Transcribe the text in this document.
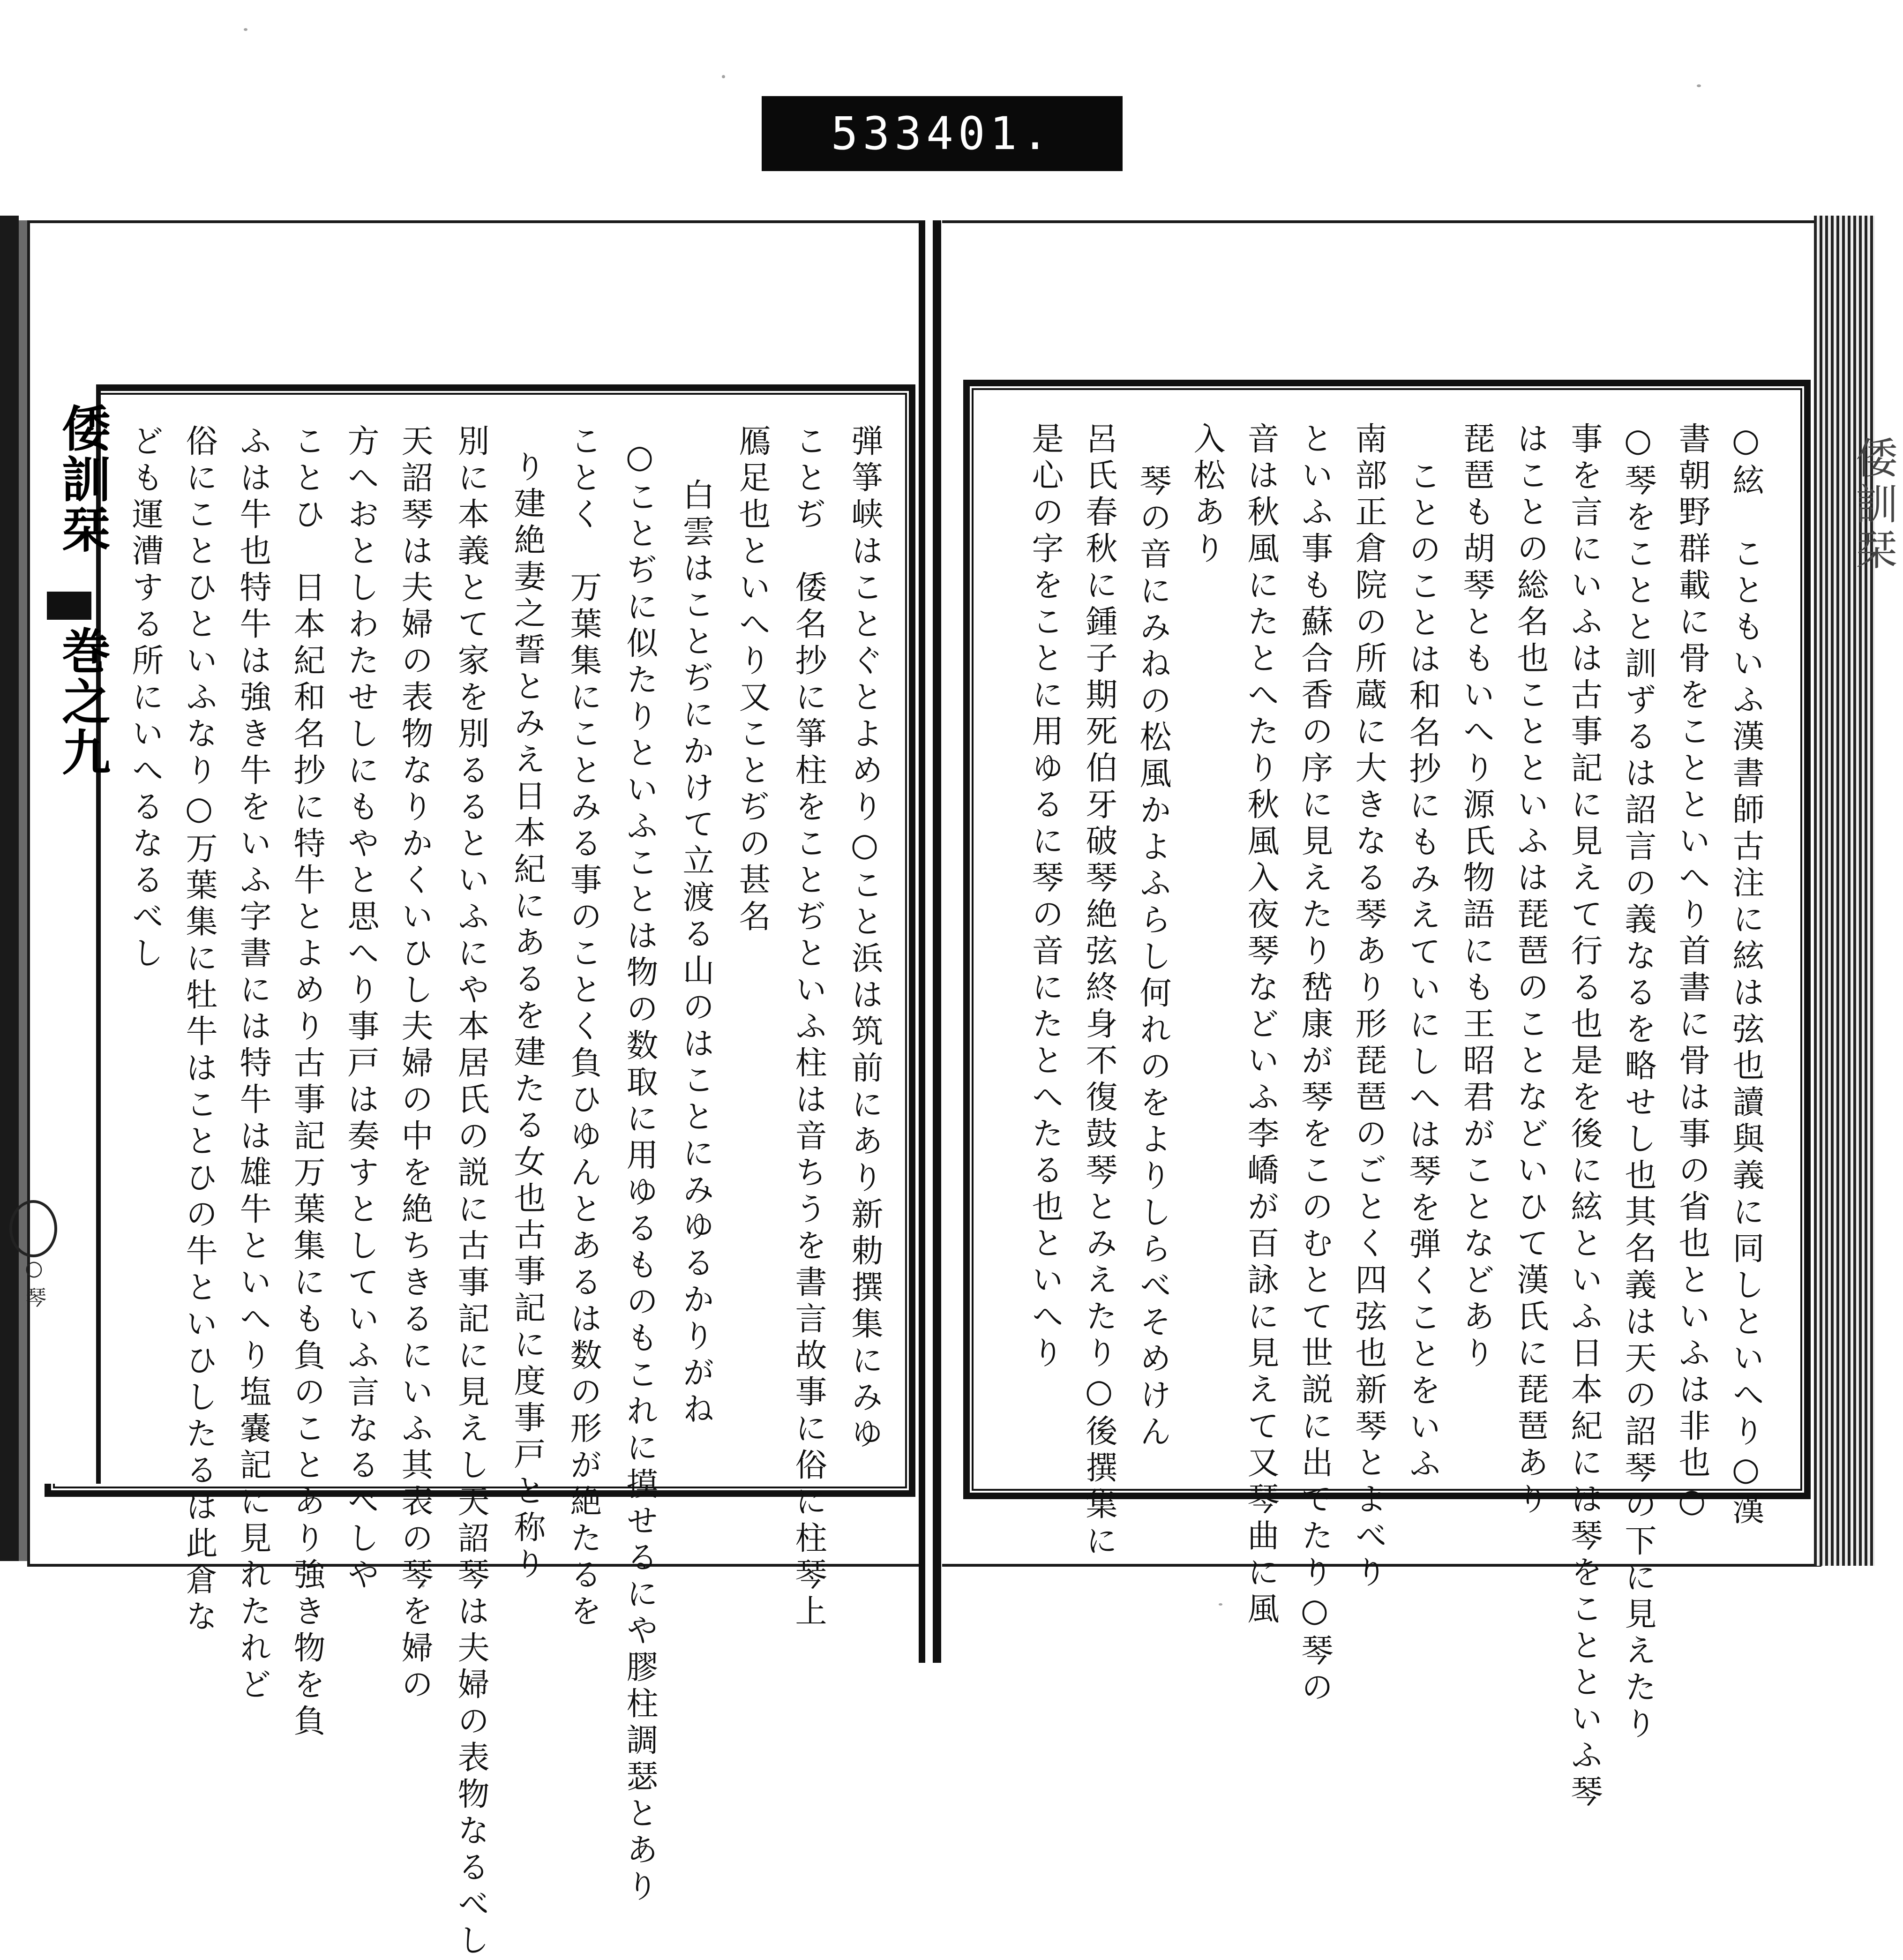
533 401.
倭訓栞
巻之九
○ 琴
倭訓栞
弾箏峡はことぐとよめり○こと浜は筑前にあり新勅撰集にみゆ
ことぢ　倭名抄に箏柱をことぢといふ柱は音ちうを書言故事に俗に柱琴上
鴈足也といへり又ことぢの甚名
白雲はことぢにかけて立渡る山のはことにみゆるかりがね
○ことぢに似たりといふことは物の数取に用ゆるものもこれに摸せるにや膠柱調瑟とあり
ことく　万葉集にことみる事のことく負ひゆんとあるは数の形が絶たるを
り建絶妻之誓とみえ日本紀にあるを建たる女也古事記に度事戸と称り
別に本義とて家を別るるといふにや本居氏の説に古事記に見えし天詔琴は夫婦の表物なるべし
天詔琴は夫婦の表物なりかくいひし夫婦の中を絶ちきるにいふ其表の琴を婦の
方へおとしわたせしにもやと思へり事戸は奏すとしていふ言なるべしや
ことひ　日本紀和名抄に特牛とよめり古事記万葉集にも負のことあり強き物を負
ふは牛也特牛は強き牛をいふ字書には特牛は雄牛といへり塩嚢記に見れたれど
俗にことひといふなり○万葉集に牡牛はことひの牛といひしたるは此倉な
ども運漕する所にいへるなるべし	○絃　こともいふ漢書師古注に絃は弦也讀與義に同しといへり○漢
書朝野群載に骨をことといへり首書に骨は事の省也といふは非也○
○琴をことと訓ずるは詔言の義なるを略せし也其名義は天の詔琴の下に見えたり
事を言にいふは古事記に見えて行る也是を後に絃といふ日本紀には琴をことといふ琴
はことの総名也ことといふは琵琶のことなどいひて漢氏に琵琶あり
琵琶も胡琴ともいへり源氏物語にも王昭君がことなどあり
ことのことは和名抄にもみえていにしへは琴を弾くことをいふ
南部正倉院の所蔵に大きなる琴あり形琵琶のごとく四弦也新琴とよべり
といふ事も蘇合香の序に見えたり嵆康が琴をこのむとて世説に出でたり○琴の
音は秋風にたとへたり秋風入夜琴などいふ李嶠が百詠に見えて又琴曲に風
入松あり
琴の音にみねの松風かよふらし何れのをよりしらべそめけん
呂氏春秋に鍾子期死伯牙破琴絶弦終身不復鼓琴とみえたり○後撰集に
是心の字をことに用ゆるに琴の音にたとへたる也といへり
